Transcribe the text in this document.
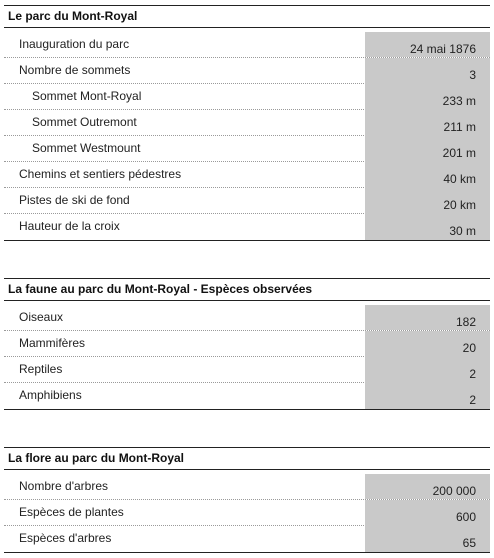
Le parc du Mont-Royal
Inauguration du parc	24 mai 1876
Nombre de sommets	3
Sommet Mont-Royal	233 m
Sommet Outremont	211 m
Sommet Westmount	201 m
Chemins et sentiers pédestres	40 km
Pistes de ski de fond	20 km
Hauteur de la croix	30 m
La faune au parc du Mont-Royal - Espèces observées
Oiseaux	182
Mammifères	20
Reptiles	2
Amphibiens	2
La flore au parc du Mont-Royal
Nombre d'arbres	200 000
Espèces de plantes	600
Espèces d'arbres	65
